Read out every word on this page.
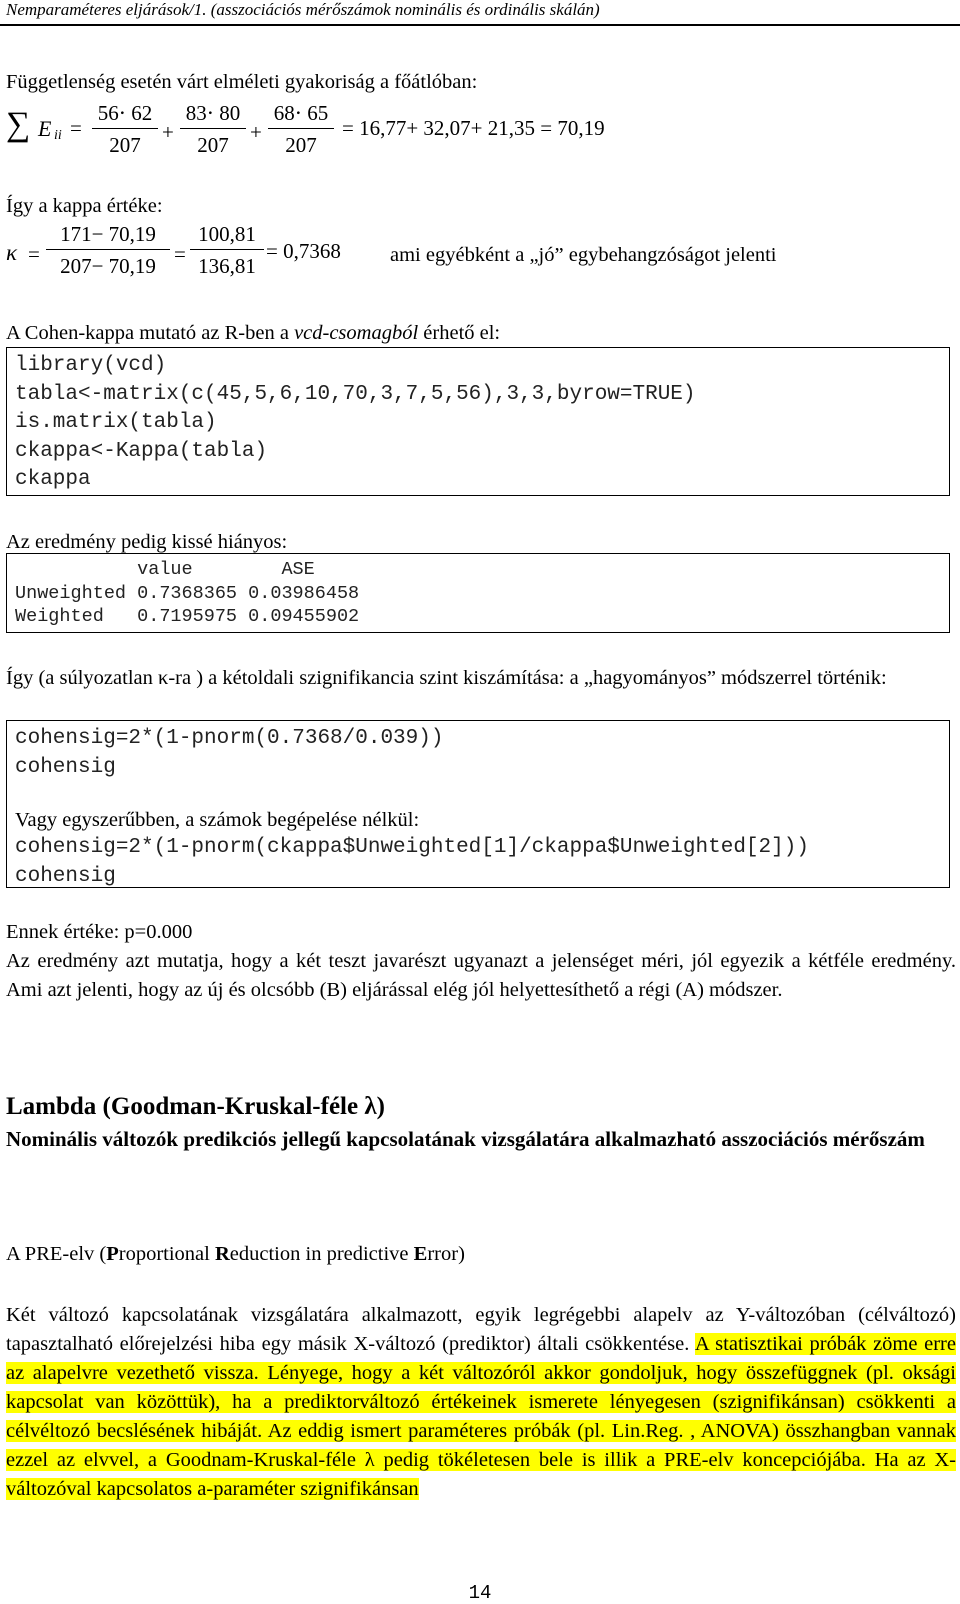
Nemparaméteres eljárások/1. (asszociációs mérőszámok nominális és ordinális skálán)
Függetlenség esetén várt elméleti gyakoriság a főátlóban:
∑ E ii =
56⋅ 62
207
+
83⋅ 80
207
+
68⋅ 65
207
= 16,77+ 32,07+ 21,35 = 70,19
Így a kappa értéke:
κ =
171− 70,19
207− 70,19
=
100,81
136,81
= 0,7368 ami egyébként a „jó” egybehangzóságot jelenti
A Cohen-kappa mutató az R-ben a vcd-csomagból érhető el:
library(vcd)
tabla<-matrix(c(45,5,6,10,70,3,7,5,56),3,3,byrow=TRUE)
is.matrix(tabla)
ckappa<-Kappa(tabla)
ckappa
Az eredmény pedig kissé hiányos:
value        ASE
Unweighted 0.7368365 0.03986458
Weighted   0.7195975 0.09455902
Így (a súlyozatlan κ-ra ) a kétoldali szignifikancia szint kiszámítása: a „hagyományos” módszerrel történik:
cohensig=2*(1-pnorm(0.7368/0.039))
cohensig
Vagy egyszerűbben, a számok begépelése nélkül:
cohensig=2*(1-pnorm(ckappa$Unweighted[1]/ckappa$Unweighted[2]))
cohensig
Ennek értéke: p=0.000
Az eredmény azt mutatja, hogy a két teszt javarészt ugyanazt a jelenséget méri, jól egyezik a kétféle eredmény. Ami azt jelenti, hogy az új és olcsóbb (B) eljárással elég jól helyettesíthető a régi (A) módszer.
Lambda (Goodman-Kruskal-féle λ)
Nominális változók predikciós jellegű kapcsolatának vizsgálatára alkalmazható asszociációs mérőszám
A PRE-elv (Proportional Reduction in predictive Error)
Két változó kapcsolatának vizsgálatára alkalmazott, egyik legrégebbi alapelv az Y-változóban (célváltozó) tapasztalható előrejelzési hiba egy másik X-változó (prediktor) általi csökkentése. A statisztikai próbák zöme erre az alapelvre vezethető vissza. Lényege, hogy a két változóról akkor gondoljuk, hogy összefüggnek (pl. oksági kapcsolat van közöttük), ha a prediktorváltozó értékeinek ismerete lényegesen (szignifikánsan) csökkenti a célvéltozó becslésének hibáját. Az eddig ismert paraméteres próbák (pl. Lin.Reg. , ANOVA) összhangban vannak ezzel az elvvel, a Goodnam-Kruskal-féle λ pedig tökéletesen bele is illik a PRE-elv koncepciójába. Ha az X-változóval kapcsolatos a-paraméter szignifikánsan
14
